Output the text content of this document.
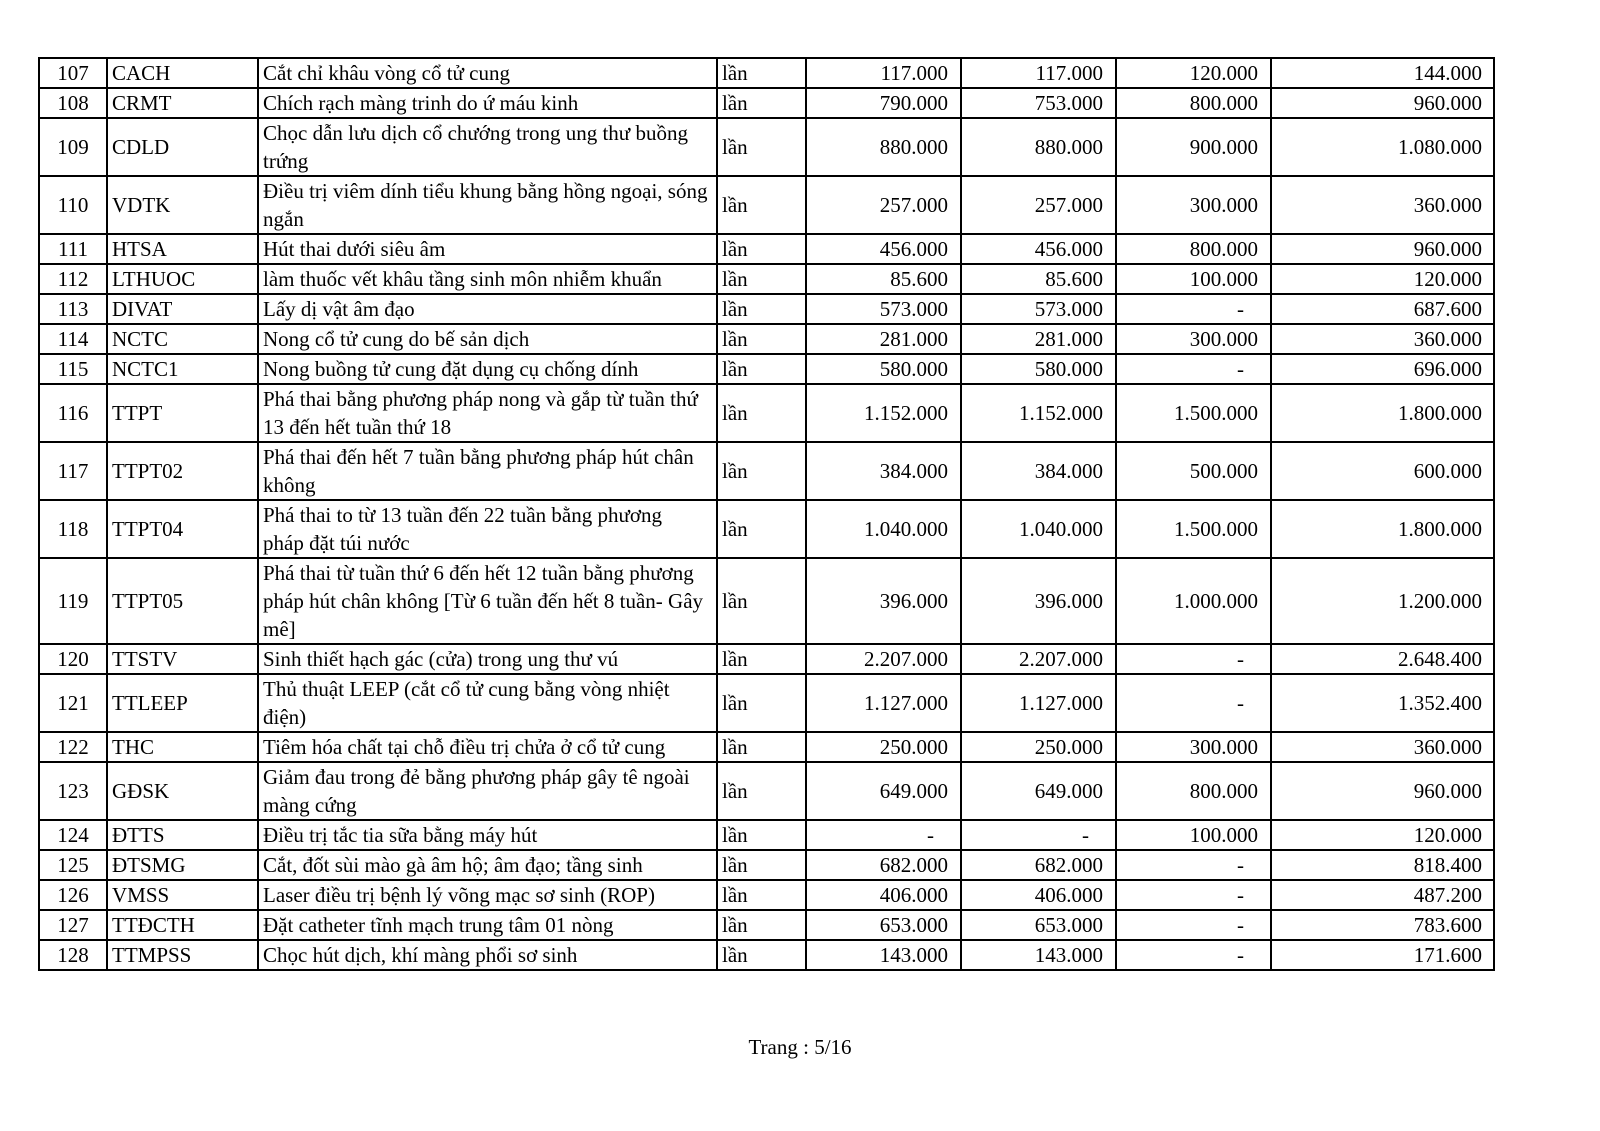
107	CACH	Cắt chỉ khâu vòng cổ tử cung	lần	117.000	117.000	120.000	144.000
108	CRMT	Chích rạch màng trinh do ứ máu kinh	lần	790.000	753.000	800.000	960.000
109	CDLD	Chọc dẫn lưu dịch cổ chướng trong ung thư buồng trứng	lần	880.000	880.000	900.000	1.080.000
110	VDTK	Điều trị viêm dính tiểu khung bằng hồng ngoại, sóng ngắn	lần	257.000	257.000	300.000	360.000
111	HTSA	Hút thai dưới siêu âm	lần	456.000	456.000	800.000	960.000
112	LTHUOC	làm thuốc vết khâu tầng sinh môn nhiễm khuẩn	lần	85.600	85.600	100.000	120.000
113	DIVAT	Lấy dị vật âm đạo	lần	573.000	573.000	-	687.600
114	NCTC	Nong cổ tử cung do bế sản dịch	lần	281.000	281.000	300.000	360.000
115	NCTC1	Nong buồng tử cung đặt dụng cụ chống dính	lần	580.000	580.000	-	696.000
116	TTPT	Phá thai bằng phương pháp nong và gắp từ tuần thứ 13 đến hết tuần thứ 18	lần	1.152.000	1.152.000	1.500.000	1.800.000
117	TTPT02	Phá thai đến hết 7 tuần bằng phương pháp hút chân không	lần	384.000	384.000	500.000	600.000
118	TTPT04	Phá thai to từ 13 tuần đến 22 tuần bằng phương pháp đặt túi nước	lần	1.040.000	1.040.000	1.500.000	1.800.000
119	TTPT05	Phá thai từ tuần thứ 6 đến hết 12 tuần bằng phương pháp hút chân không [Từ 6 tuần đến hết 8 tuần- Gây mê]	lần	396.000	396.000	1.000.000	1.200.000
120	TTSTV	Sinh thiết hạch gác (cửa) trong ung thư vú	lần	2.207.000	2.207.000	-	2.648.400
121	TTLEEP	Thủ thuật LEEP (cắt cổ tử cung bằng vòng nhiệt điện)	lần	1.127.000	1.127.000	-	1.352.400
122	THC	Tiêm hóa chất tại chỗ điều trị chửa ở cổ tử cung	lần	250.000	250.000	300.000	360.000
123	GĐSK	Giảm đau trong đẻ bằng phương pháp gây tê ngoài màng cứng	lần	649.000	649.000	800.000	960.000
124	ĐTTS	Điều trị tắc tia sữa bằng máy hút	lần	-	-	100.000	120.000
125	ĐTSMG	Cắt, đốt sùi mào gà âm hộ; âm đạo; tầng sinh	lần	682.000	682.000	-	818.400
126	VMSS	Laser điều trị bệnh lý võng mạc sơ sinh (ROP)	lần	406.000	406.000	-	487.200
127	TTĐCTH	Đặt catheter tĩnh mạch trung tâm 01 nòng	lần	653.000	653.000	-	783.600
128	TTMPSS	Chọc hút dịch, khí màng phổi sơ sinh	lần	143.000	143.000	-	171.600
Trang : 5/16
